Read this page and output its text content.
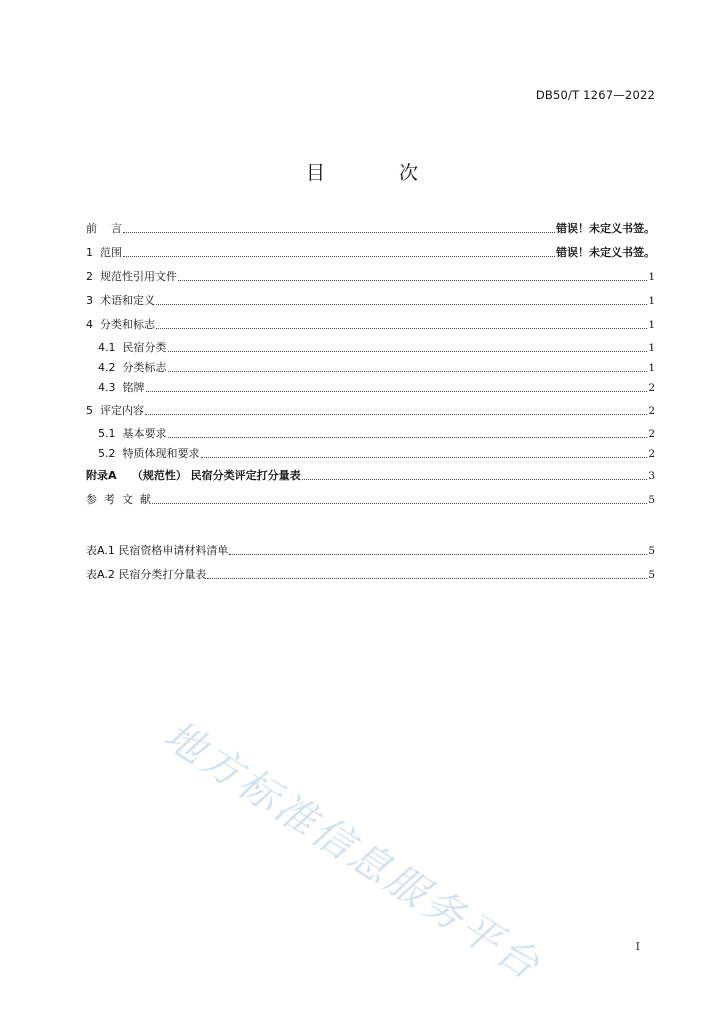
DB50/T 1267—2022
目 次
前    言	错误！未定义书签。
1  范围	错误！未定义书签。
2  规范性引用文件	1
3  术语和定义	1
4  分类和标志	1
4.1  民宿分类	1
4.2  分类标志	1
4.3  铭牌	2
5  评定内容	2
5.1  基本要求	2
5.2  特质体现和要求	2
附录A    （规范性） 民宿分类评定打分量表	3
参  考  文  献	5
表A.1 民宿资格申请材料清单	5
表A.2 民宿分类打分量表	5
地方标准信息服务平台	I
